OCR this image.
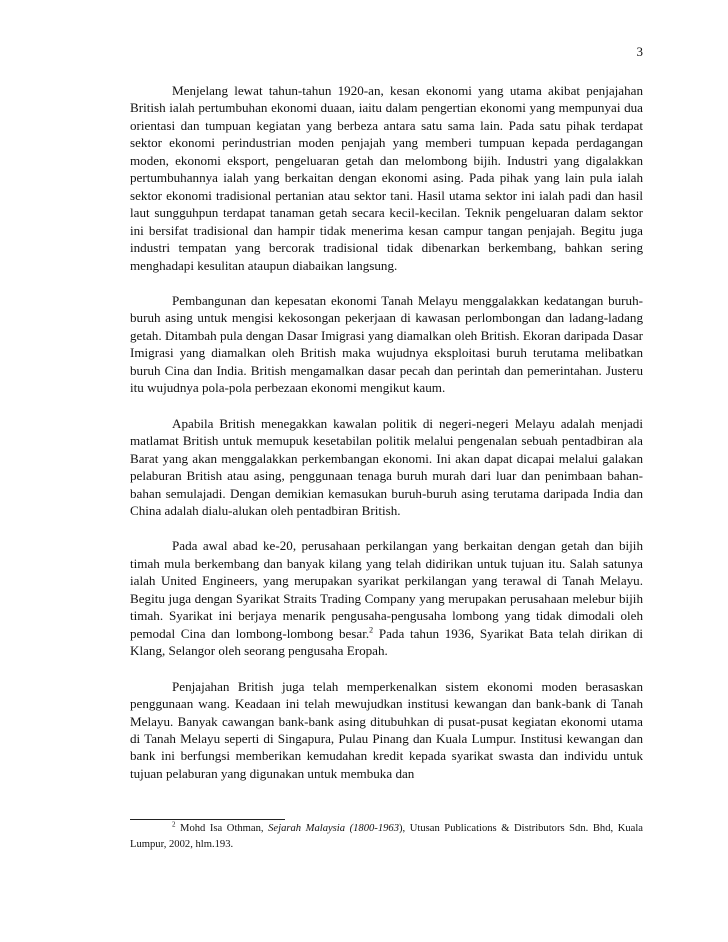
3

Menjelang lewat tahun-tahun 1920-an, kesan ekonomi yang utama akibat penjajahan British ialah pertumbuhan ekonomi duaan, iaitu dalam pengertian ekonomi yang mempunyai dua orientasi dan tumpuan kegiatan yang berbeza antara satu sama lain. Pada satu pihak terdapat sektor ekonomi perindustrian moden penjajah yang memberi tumpuan kepada perdagangan moden, ekonomi eksport, pengeluaran getah dan melombong bijih. Industri yang digalakkan pertumbuhannya ialah yang berkaitan dengan ekonomi asing. Pada pihak yang lain pula ialah sektor ekonomi tradisional pertanian atau sektor tani. Hasil utama sektor ini ialah padi dan hasil laut sungguhpun terdapat tanaman getah secara kecil-kecilan. Teknik pengeluaran dalam sektor ini bersifat tradisional dan hampir tidak menerima kesan campur tangan penjajah. Begitu juga industri tempatan yang bercorak tradisional tidak dibenarkan berkembang, bahkan sering menghadapi kesulitan ataupun diabaikan langsung.

Pembangunan dan kepesatan ekonomi Tanah Melayu menggalakkan kedatangan buruh-buruh asing untuk mengisi kekosongan pekerjaan di kawasan perlombongan dan ladang-ladang getah. Ditambah pula dengan Dasar Imigrasi yang diamalkan oleh British. Ekoran daripada Dasar Imigrasi yang diamalkan oleh British maka wujudnya eksploitasi buruh terutama melibatkan buruh Cina dan India. British mengamalkan dasar pecah dan perintah dan pemerintahan. Justeru itu wujudnya pola-pola perbezaan ekonomi mengikut kaum.

Apabila British menegakkan kawalan politik di negeri-negeri Melayu adalah menjadi matlamat British untuk memupuk kesetabilan politik melalui pengenalan sebuah pentadbiran ala Barat yang akan menggalakkan perkembangan ekonomi. Ini akan dapat dicapai melalui galakan pelaburan British atau asing, penggunaan tenaga buruh murah dari luar dan penimbaan bahan-bahan semulajadi. Dengan demikian kemasukan buruh-buruh asing terutama daripada India dan China adalah dialu-alukan oleh pentadbiran British.

Pada awal abad ke-20, perusahaan perkilangan yang berkaitan dengan getah dan bijih timah mula berkembang dan banyak kilang yang telah didirikan untuk tujuan itu. Salah satunya ialah United Engineers, yang merupakan syarikat perkilangan yang terawal di Tanah Melayu. Begitu juga dengan Syarikat Straits Trading Company yang merupakan perusahaan melebur bijih timah. Syarikat ini berjaya menarik pengusaha-pengusaha lombong yang tidak dimodali oleh pemodal Cina dan lombong-lombong besar.$^2$ Pada tahun 1936, Syarikat Bata telah dirikan di Klang, Selangor oleh seorang pengusaha Eropah.

Penjajahan British juga telah memperkenalkan sistem ekonomi moden berasaskan penggunaan wang. Keadaan ini telah mewujudkan institusi kewangan dan bank-bank di Tanah Melayu. Banyak cawangan bank-bank asing ditubuhkan di pusat-pusat kegiatan ekonomi utama di Tanah Melayu seperti di Singapura, Pulau Pinang dan Kuala Lumpur. Institusi kewangan dan bank ini berfungsi memberikan kemudahan kredit kepada syarikat swasta dan individu untuk tujuan pelaburan yang digunakan untuk membuka dan

$^2$ Mohd Isa Othman, Sejarah Malaysia (1800-1963), Utusan Publications & Distributors Sdn. Bhd, Kuala Lumpur, 2002, hlm.193.
